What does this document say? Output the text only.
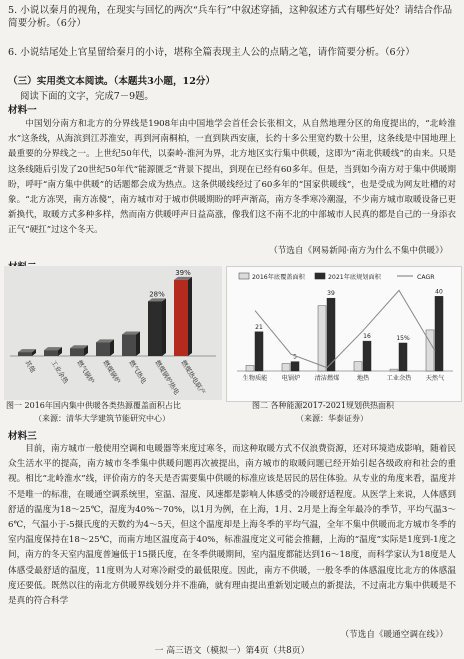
5. 小说以秦月的视角，在现实与回忆的两次“兵车行”中叙述穿插，这种叙述方式有哪些好处？请结合作品简要分析。（6分）
6. 小说结尾处上官星留给秦月的小诗，堪称全篇表现主人公的点睛之笔，请作简要分析。（6分）
（三）实用类文本阅读。（本题共3小题，12分）
阅读下面的文字，完成7－9题。
材料一
中国划分南方和北方的分界线是1908年由中国地学会首任会长张相文，从自然地理分区的角度提出的，“北岭淮水”这条线，从海滨到江苏淮安，再到河南桐柏，一直到陕西安康，长约十多公里宽约数十公里，这条线是中国地理上最重要的分界线之一。上世纪50年代，以秦岭-淮河为界，北方地区实行集中供暖，这即为“南北供暖线”的由来。只是这条线随后引发了20世纪50年代“能源匮乏”背景下提出，到现在已经有60多年。但是，当到如今南方对于集中供暖期盼，呼吁“南方集中供暖”的话题都会成为热点。这条供暖线经过了60多年的“国家供暖线”，也是受成为网友吐槽的对象。“北方冻哭，南方冻傻”，南方城市对于城市供暖期盼的呼声渐高，南方冬季寒冷潮湿，不少南方城市取暖设备已更新换代，取暖方式多种多样，然而南方供暖呼声日益高涨，像我们这不南不北的中部城市人民真的都是自己的一身添衣正气“硬扛”过这个冬天。
（节选自《网易新闻·南方为什么不集中供暖》）
其他 工业余热 燃气锅炉 燃煤锅炉 燃气热电
28%
燃煤锅炉热电
39%
燃煤热电联产
图一 2016年国内集中供暖各类热源覆盖面积占比
（来源：清华大学建筑节能研究中心）
2016年底覆盖面积	2021年底规划面积	CAGR
21
生物质能
5
电锅炉
39
清洁燃煤
16
地热
15%
工业余热
40
天然气
图二 各种能源2017-2021规划供热面积
（来源：华泰证券）
材料三
目前，南方城市一般使用空调和电暖器等来度过寒冬，而这种取暖方式不仅浪费资源，还对环境造成影响，随着民众生活水平的提高，南方城市冬季集中供暖问题再次被提出，南方城市的取暖问题已经开始引起各级政府和社会的重视。相比“北岭淮水”线，评价南方的冬天是否需要集中供暖的标准应该是居民的居住体验。从专业的角度来看，温度并不是唯一的标准，在暖通空调系统里，室温、湿度、风速都是影响人体感受的冷暖舒适程度。从医学上来说，人体感到舒适的温度为18～25℃，湿度为40%～70%，以1月为例，在上海，1月、2月是上海全年最冷的季节，平均气温3～6℃，气温小于-5摄氏度的天数约为4～5天，但这个温度却是上海冬季的平均气温，全年不集中供暖而北方城市冬季的室内温度保持在18～25℃，而南方地区温度高于40%，标准温度定义可能会推翻，上海的“温度”实际是1度到-1度之间，南方的冬天室内温度普遍低于15摄氏度，在冬季供暖期间，室内温度都能达到16～18度，而科学家认为18度是人体感受最舒适的温度，11度则为人对寒冷耐受的最低限度。因此，南方不供暖，一般冬季的体感温度比北方的体感温度还要低。既然以往的南北方供暖界线划分并不准确，就有理由提出重新划定暖点的新提法，不过南北方集中供暖是不是真的符合科学
（节选自《暖通空调在线》）
一 高三语文（模拟一）第4页（共8页）
